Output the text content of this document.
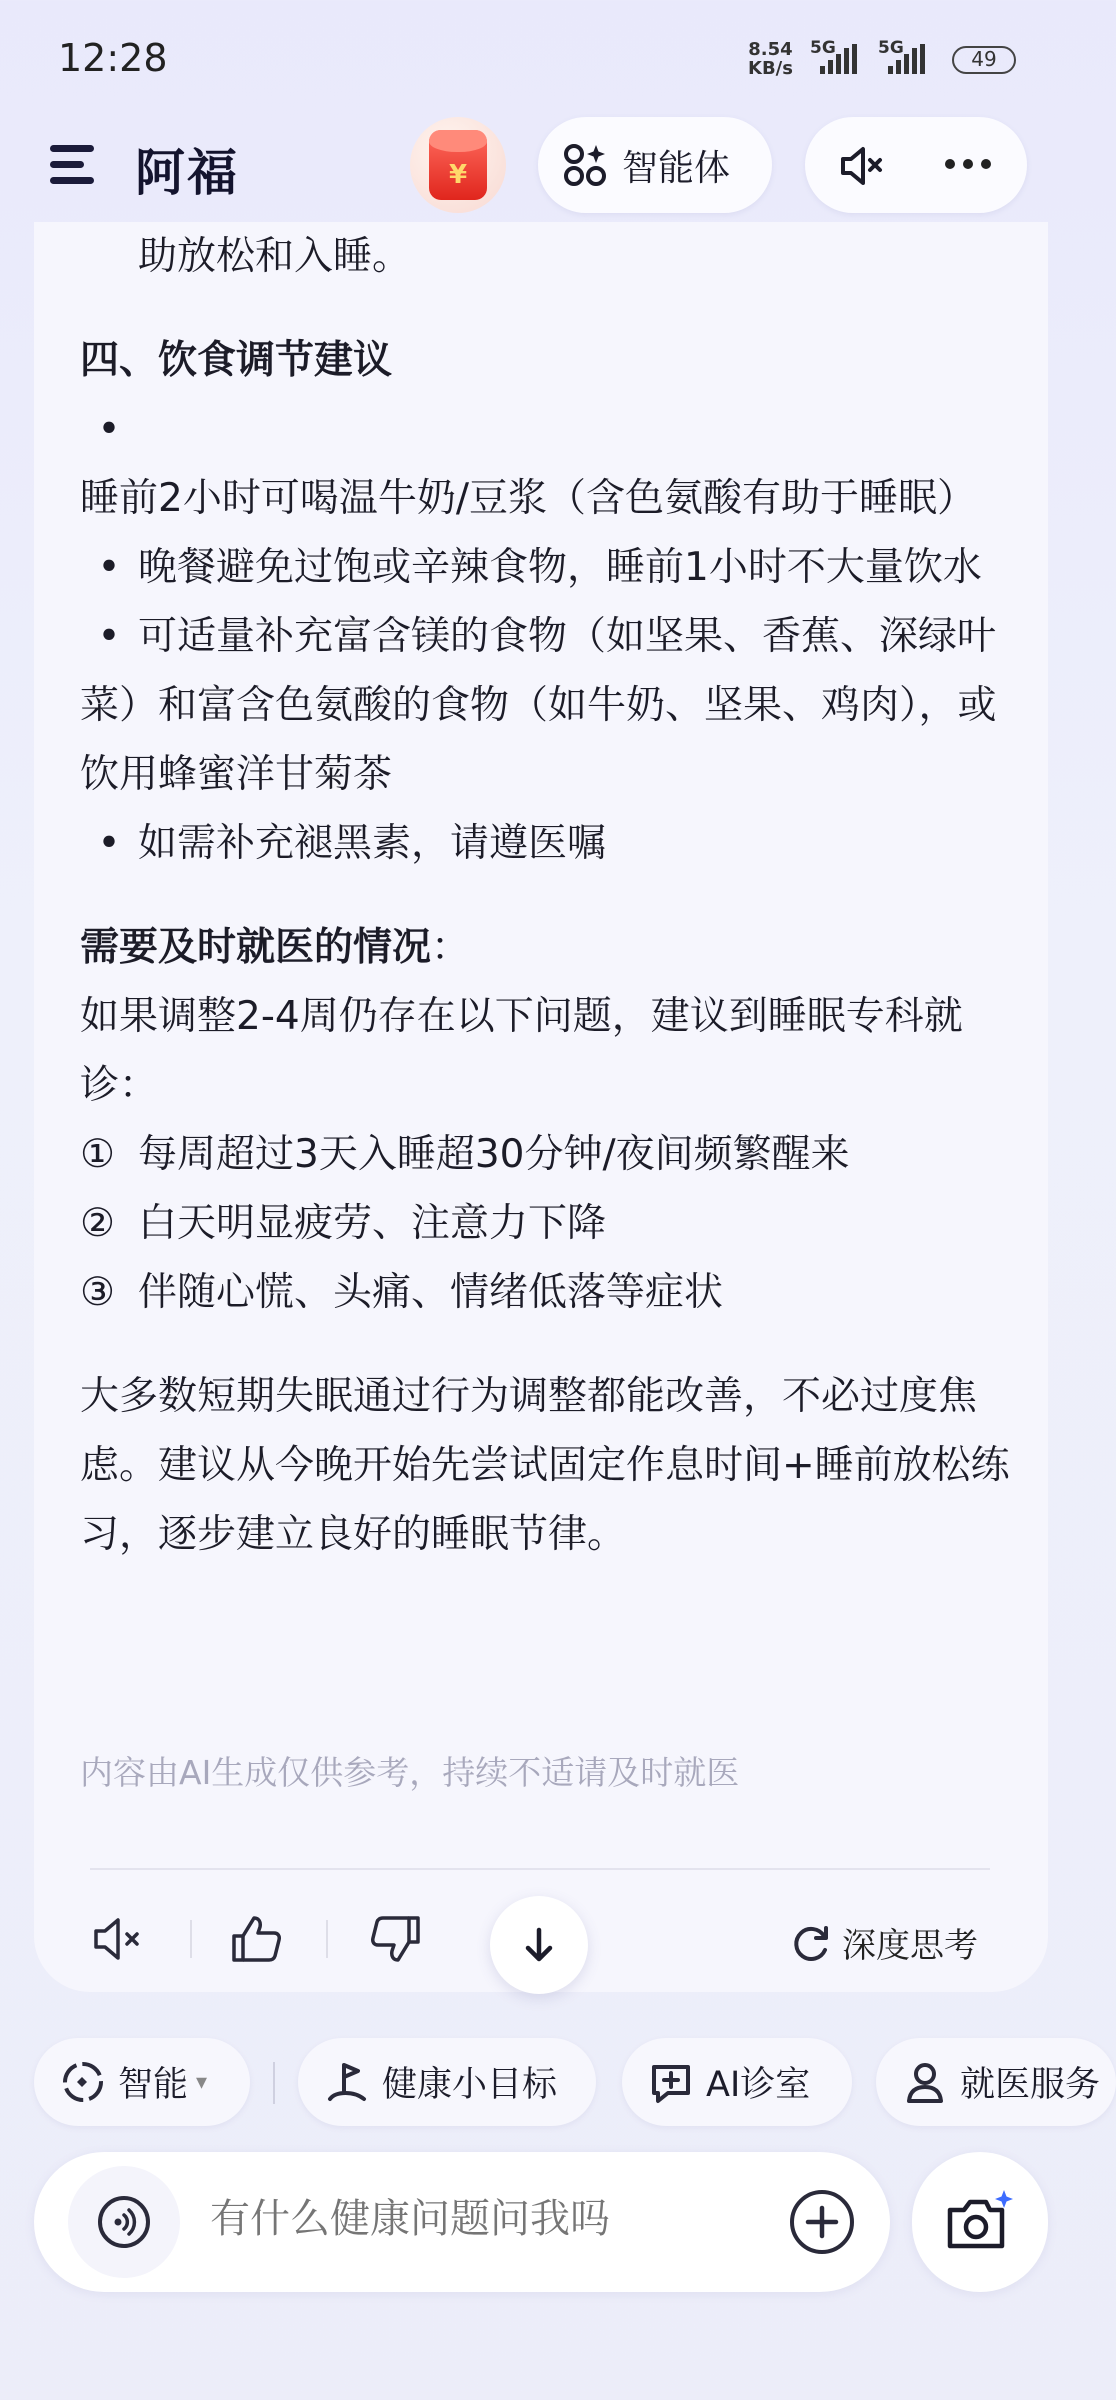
12:28	8.54
KB/s
5G 5G	49
阿福	¥	智能体

助放松和入睡。

四、饮食调节建议

•睡前2小时可喝温牛奶/豆浆（含色氨酸有助于睡眠）

• 晚餐避免过饱或辛辣食物，睡前1小时不大量饮水

• 可适量补充富含镁的食物（如坚果、香蕉、深绿叶菜）和富含色氨酸的食物（如牛奶、坚果、鸡肉），或饮用蜂蜜洋甘菊茶

• 如需补充褪黑素，请遵医嘱

需要及时就医的情况：

如果调整2-4周仍存在以下问题，建议到睡眠专科就诊：

① 每周超过3天入睡超30分钟/夜间频繁醒来

② 白天明显疲劳、注意力下降

③ 伴随心慌、头痛、情绪低落等症状

大多数短期失眠通过行为调整都能改善，不必过度焦虑。建议从今晚开始先尝试固定作息时间+睡前放松练习，逐步建立良好的睡眠节律。

内容由AI生成仅供参考，持续不适请及时就医
深度思考
智能 ▾	健康小目标	AI诊室	就医服务
有什么健康问题问我吗
